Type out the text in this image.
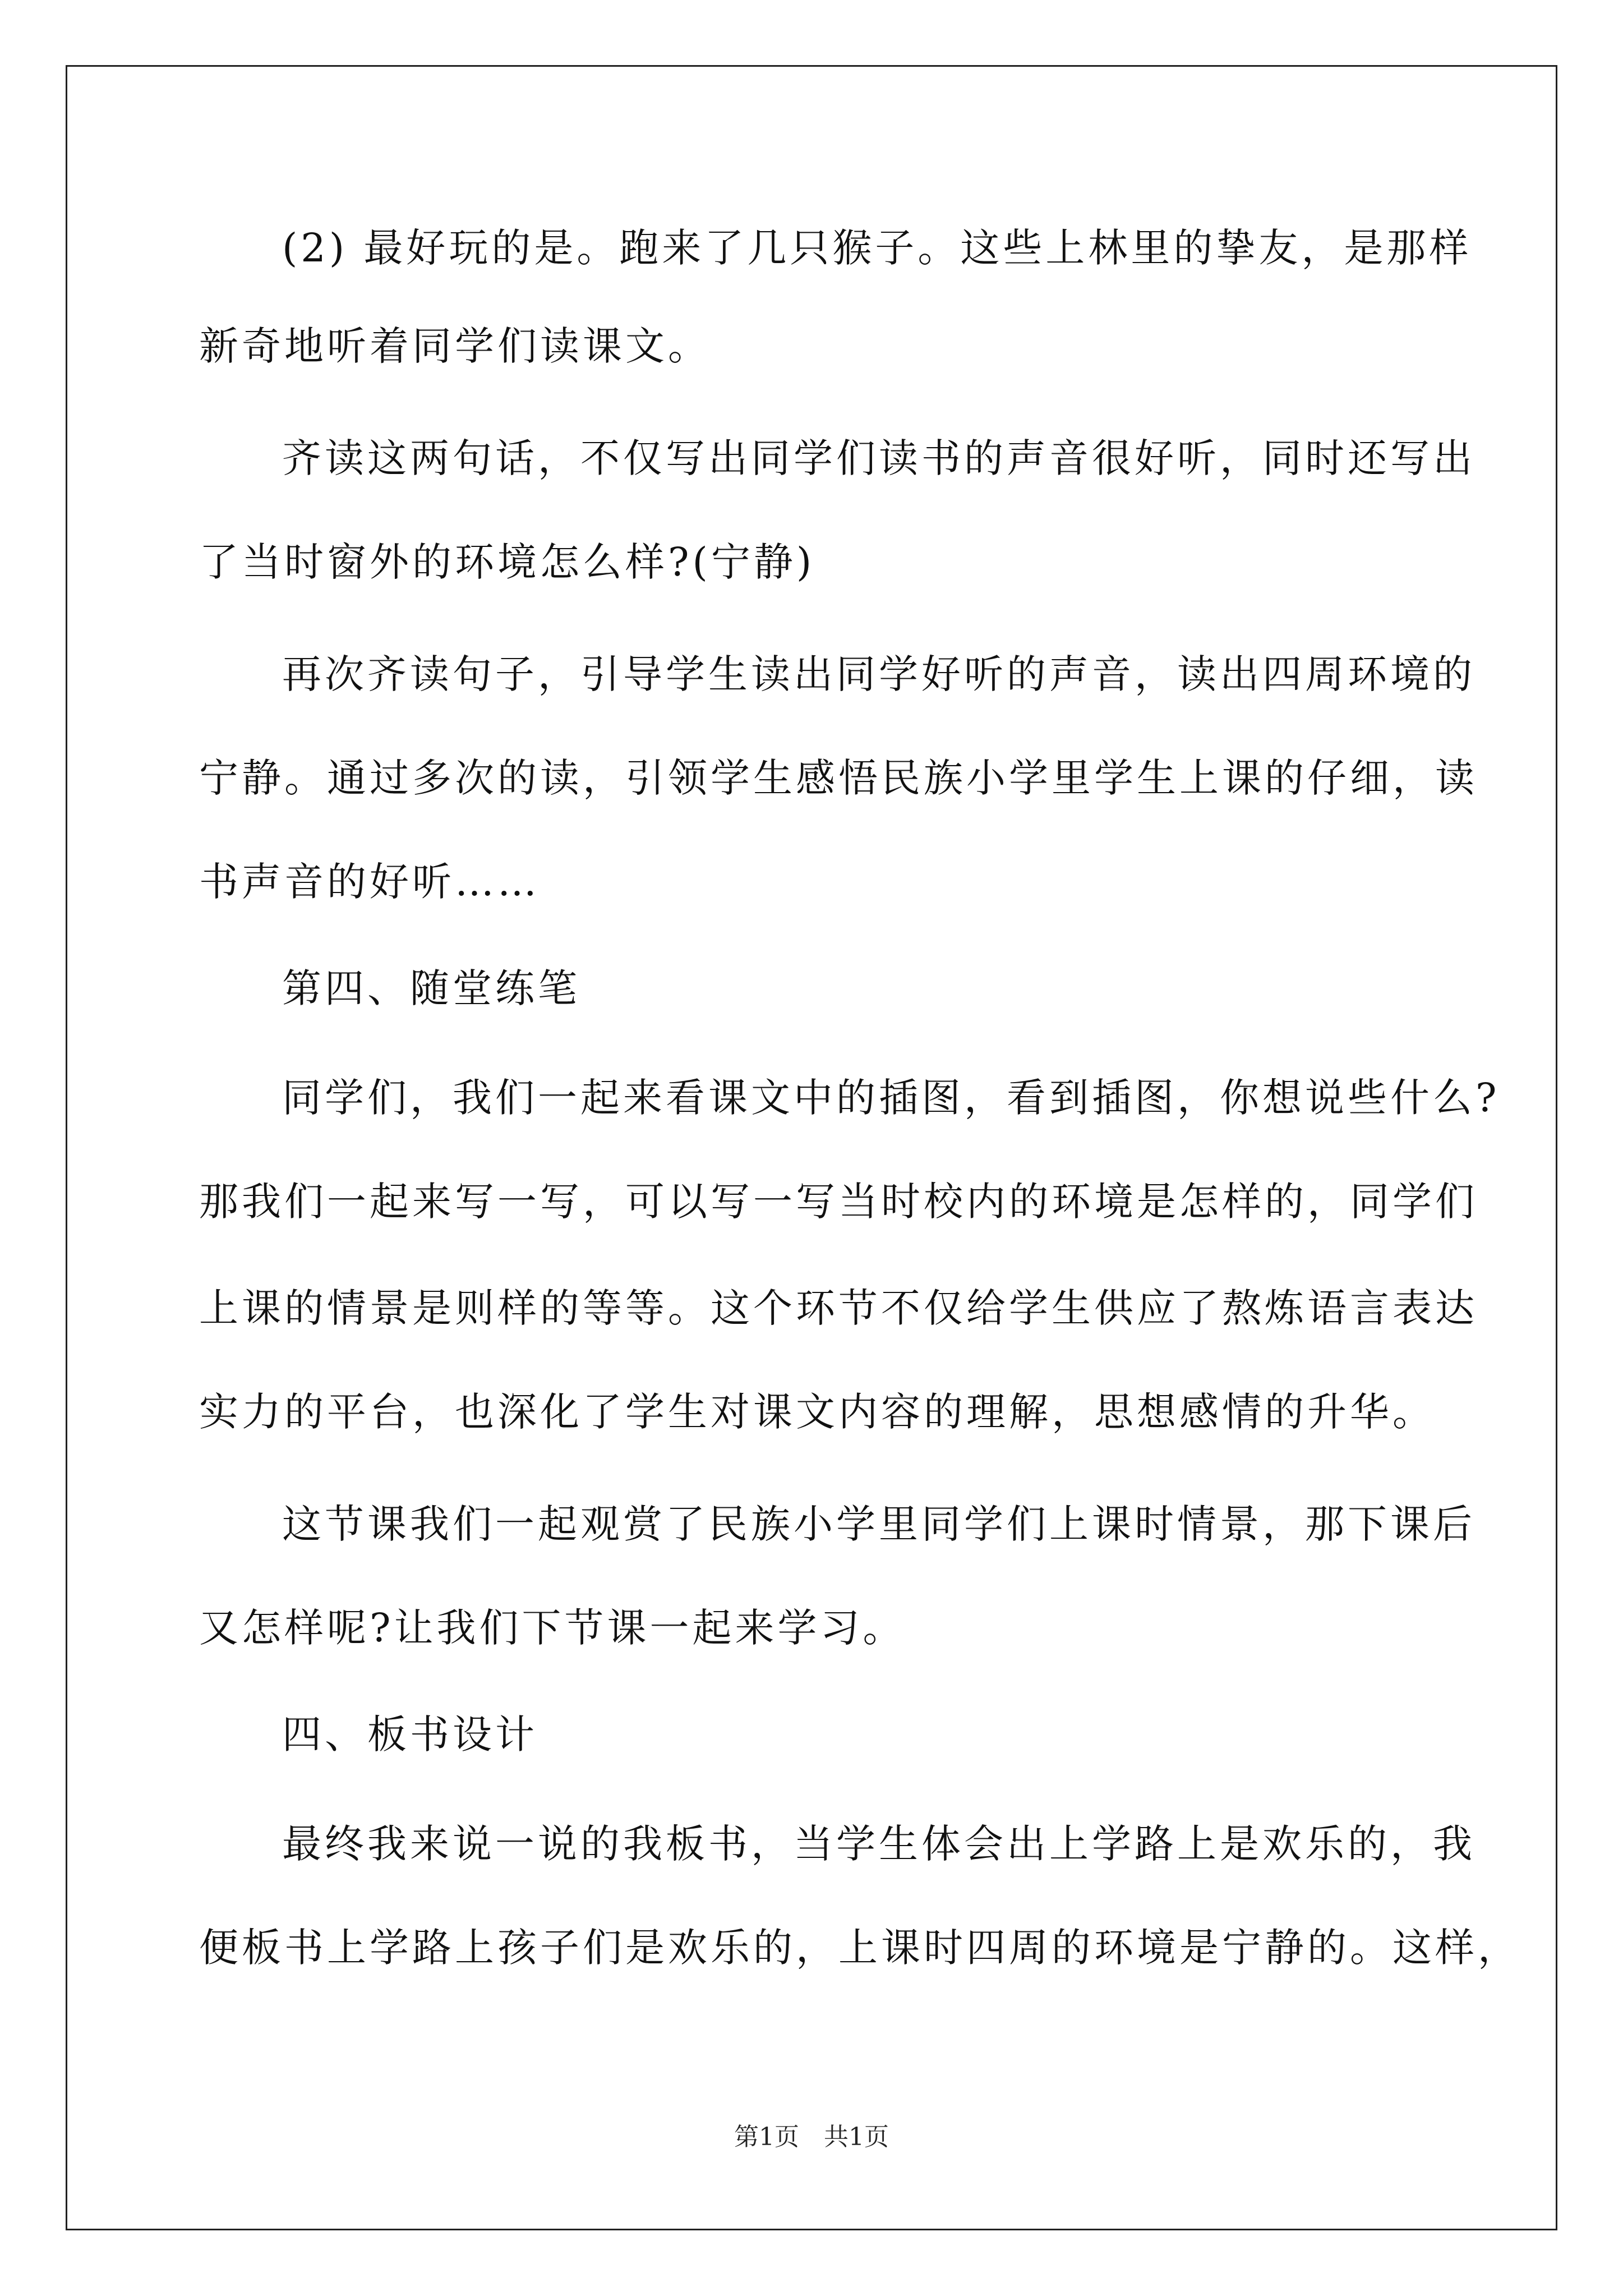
(2) 最好玩的是。跑来了几只猴子。这些上林里的挚友，是那样
新奇地听着同学们读课文。
齐读这两句话，不仅写出同学们读书的声音很好听，同时还写出
了当时窗外的环境怎么样?(宁静)
再次齐读句子，引导学生读出同学好听的声音，读出四周环境的
宁静。通过多次的读，引领学生感悟民族小学里学生上课的仔细，读
书声音的好听……
第四、随堂练笔
同学们，我们一起来看课文中的插图，看到插图，你想说些什么?
那我们一起来写一写，可以写一写当时校内的环境是怎样的，同学们
上课的情景是则样的等等。这个环节不仅给学生供应了熬炼语言表达
实力的平台，也深化了学生对课文内容的理解，思想感情的升华。
这节课我们一起观赏了民族小学里同学们上课时情景，那下课后
又怎样呢?让我们下节课一起来学习。
四、板书设计
最终我来说一说的我板书，当学生体会出上学路上是欢乐的，我
便板书上学路上孩子们是欢乐的，上课时四周的环境是宁静的。这样，
第1页　共1页
